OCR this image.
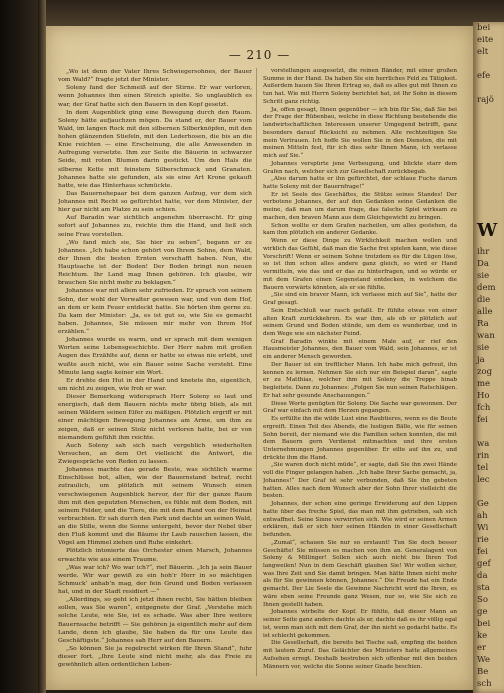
— 210 —

„Wo ist denn der Vater Ihres Schwiegersohnes, der Bauer vom Wald?“ fragte jetzt der Minister.

Soleny fand der Schmeiß auf der Stirne. Er war verloren, wenn Johannes ihm einen Streich spielte. So unglaublich es war, der Graf hatte sich den Bauern in den Kopf gesetzt.

In dem Augenblick ging eine Bewegung durch den Raum. Soleny hätte aufjauchzen mögen. Da stand er, der Bauer vom Wald, im langen Rock mit den silbernen Silberknöpfen, mit den hohen glänzenden Stiefeln, mit den Lederhosen, die bis an die Knie reichten — eine Erscheinung, die alle Anwesenden in Aufregung versetzte. Ihm zur Seite die Bäuerin in schwarzer Seide, mit roten Blumen darin gestickt. Um den Hals die silberne Kette mit feinstem Silberschmuck und Granaten. Johannes hatte sie gefunden, als sie eine Art Krone gekauft hatte, wie das Hinterhaus schmückte.

Das Bauernehepaar bei dem ganzen Aufzug, vor dem sich Johannes mit Recht so gefürchtet hatte, vor dem Minister, der hier gar nicht am Platze zu sein schien.

Auf Baradin war sichtlich angenehm überrascht. Er ging sofort auf Johannes zu, reichte ihm die Hand, und ließ sich seine Frau vorstellen.

„Wo fand mich sie, Sie hier zu sehen“, begann er zu Johannes. „Ich habe schon gehört von Ihrem Sohne, dem Wald, der Ihnen die besten Ernten verschafft haben. Nun, die Hauptsache ist der Boden! Der Boden bringt nun neuen Reichtum. Ihr Land mag Ihnen gehören. Ich glaube, wir brauchen Sie nicht mehr zu beklagen.“

Johannes war mit allem sehr zufrieden. Er sprach von seinem Sohn, der wohl der Verwalter gewesen war, und von dem Hof, an dem er kein Feuer entdeckt hatte. Sie hörten ihm gerne zu. Da kam der Minister: „Ja, es ist gut so, wie Sie es gemacht haben. Johannes, Sie müssen mir mehr von Ihrem Hof erzählen.“

Johannes wurde es warm, und er sprach mit dem wenigen Worten seine Lebensgeschichte. Der Herr nahm mit großen Augen das Erzählte auf, denn er hatte so etwas nie erlebt, und wußte auch nicht, wie ein Bauer seine Sache versteht. Eine Minute lang sagte keiner ein Wort.

Er drehte den Hut in der Hand und knetete ihn, eigentlich, um nicht zu zeigen, wie froh er war.

Dieser Bemerkung widersprach Herr Soleny so laut und energisch, daß dem Bauern nichts mehr übrig blieb, als mit seinen Wäldern seinen Eifer zu mäßigen. Plötzlich ergriff er mit einer mächtigen Bewegung Johannes am Arme, um ihm zu zeigen, daß er seinen Stolz nicht verloren hatte, bei er von niemandem gefühlt ihm reichte.

Auch Soleny sah sich nach vergeblich wiederholten Versuchen, an dem Ort vielleicht die Antwort, die Zwiegespräche von Reden zu lassen.

Johannes machte das gerade Beste, was sichtlich warme Einschlüsse bot, allen, wie der Bauernstand betraf, recht zutraulich, um plötzlich mit seinem Wunsch einen verschwiegenen Augenblick hervor, der für der ganze Raum ihm mit den geputzten Menschen, es fühle mit dem Boden, mit seinem Felder, und die Tiere, die mit dem Rand von der Heimat verbrachten. Er sah durch den Park und dachte an seinen Wald, an die Stille, wenn die Sonne untergeht, bevor der Nebel über den Fluß kommt und die Bäume ihr Laub rauschen lassen, die Vögel am Himmel ziehen und Ruhe einkehrt.

Plötzlich intonierte das Orchester einen Marsch, Johannes erwachte wie aus einem Traume.

„Was war ich? Wo war ich?“, rief Bäuerin. „Ich ja sein Bauer werde. Wir war gewiß zu ein hoh’r Herr in so mächtigen Schmuck’ anhab’n mag, der fein Grund und Boden verlassen hat, und in der Stadt residiert —“

„Allerdings, so geht ich jetzt ihnen recht, Sie hätten bleiben sollen, was Sie waren“, entgegnete der Graf. „Verstehe mich solche Leute, wie Sie, ist es schade. Was aber Ihre weitere Bauernsache betrifft — Sie gehören ja eigentlich mehr auf dem Lande, denn ich glaube, Sie haben da für uns Leute das Geschäftigste.“ Johannes sah Herr auf den Bauern.

„So können Sie ja regelrecht wirken für Ihren Stand“, fuhr dieser fort. „Ihre Leute sind nicht mehr, als das Freie zu gewöhnlich allen ordentlichen Leben-

vorstellungen ausgesetzt, die reinen Bänder, mit einer großen Summe in der Hand. Da haben Sie ein herrliches Feld zu Tätigkeit. Außerdem bauen Sie Ihren Ertrag so, daß es alles gut mit Ihnen zu tun hat. Wie mit Herrn Soleny berichtet hat, ist Ihr Sohn in diesem Schritt ganz richtig.

Ja, offen gesagt, Ihnen gegenüber — ich bin für Sie, daß Sie bei der Frage der Rübenbau, welche in diese Richtung bestehende die landwirtschaftlichen Interessen unserer Umgegend betrifft, ganz besonders darauf Rücksicht zu nehmen. Alle rechtzeitigen Sie mein Vertrauen. Ich hoffe Sie wollen Sie in den Diensten, die mit meinen Mitteln fest, für ich dies sehr Ihnen Mann, ich verlasse mich auf Sie.“

Johannes verspürte jene Verbeugung, und blickte starr dem Grafen nach, welcher sich zur Gesellschaft zurückbegab.

„Also darum hatte er ihn gefürchtet, der schlaue Fuchs darum hatte Soleny mit der Bauernfrage!“

Er ist Seele des Geschäftes, die Stütze seines Standes! Der verbotene Johannes, der auf den Gedanken seine Gedanken die meine, daß man um darum frage, das falsche Spiel wirksam zu machen, den braven Mann aus dem Gleichgewicht zu bringen.

Schon wollte er dem Grafen nacheilen, um alles gestehen, da kam ihm plötzlich ein anderer Gedanke.

Wenn er diese Dinge zu Wirklichkeit machen wollen und wirklich das Gefühl, daß man die Sache frei spielen kann, wie diese Vorschrift! Wenn er seinem Sohne trotzdem es für die Lügen löse, so ist ihm schon alles andere ganz gleich, so wird er Hand vermitteln, wie das und er das zu hinterfragen, und so würde er mit dem Grafen einen Gegenstand entdecken, in welchem die Bauern vorwärts könnten, als er sie fühlte.

„Sie sind ein braver Mann, ich verlasse mich auf Sie“, hatte der Graf gesagt.

Sein Entschluß war rasch gefaßt. Er fühlte etwas von einer alten Kraft zurückkehren. Es war ihm, als ob er plötzlich auf seinem Grund und Boden stünde, um dem es wunderbar, und in dem Wege wie ein nächster Feind.

Graf Baradin winkte mit einem Male auf, er rief den Hausmeister Johannes, den Bauer vom Wald, sein Johannes, er ist ein anderer Mensch geworden.

Der Bauer ist ein trefflicher Mann. Ich habe mich gefreut, ihn kennen zu lernen. Nehmen Sie sich nur ein Beispiel daran“, sagte er zu Matthias, welcher ihm mit Soleny die Treppe hinab begleitete. Dann zu Johannes: „Folgen Sie nun seinen Ratschlägen. Er hat sehr gesunde Anschauungen.“

Diese Worte genügten für Soleny. Die Sache war gewonnen. Der Graf war einfach mit dem Herzen gegangen.

Es erfüllte ihn die wilde Lust eine Raubtieres, wenn es die Beute ergreift. Einen Teil des Abends, die lustigen Bälle, wie für seinen Sohn bereit, der niemand wie die Familien sehen konnten, die mit dem Bauern gern Verdienst mitmachten und ihre ersten Unternehmungen Johannes gegenüber. Er eilte auf ihn zu, und drückte ihm die Hand.

„Sie waren doch nicht müde“, er sagte, daß Sie ihn zwei Hände voll die Finger gelangen haben. „Ich habe Ihrer Sache gemacht, ja, Johannes!“ Der Graf ist sehr verbunden, daß Sie ihn gebeten hatten. Alles nach dem Wunsch aber der Sohn Ihrer vielleicht die besten.

Johannes, der schon eine geringe Erwiderung auf den Lippen hatte über das freche Spiel, das man mit ihm getrieben, sah sich entwaffnet. Seine Sinne verwirrten sich. Wie wird er seinen Armen erklären, daß er sich hier seinen Händen in einer Gesellschaft befunden.

„Zumal“, schauen Sie nur so erstaunt! Tun Sie doch besser Geschäfte! Sie müssen es machen von ihm an. Generalagent von Soleny & Millinger! Sollen sich auch nicht bis Ihren Tod langweilen! Nun in dem Geschäft glauben Sie! Wir wollen sicher, was Ihre Zeit und Sie damit bringen. Man hätte Ihnen nicht mehr als für Sie gewinnen können, Johannes.“ Die Freude hat ein Ende gemacht. Der Lie Seele die Gewinne Nachricht wird die Ihren, es wäre eben seine Freunde ganz Wesen, nur so, wie Sie sich zu Ihnen gestellt haben.

Johannes wirbelte der Kopf. Er fühlte, daß dieser Mann an seiner Seite ganz anders dachte als er, dachte daß es ihr völlig egal ist, wenn man sich mit dem Graf, der ihn nicht so gedacht hatte. Es ist schlecht gekommen.

Die Gesellschaft, die bereits bei Tische saß, empfing die beiden mit lautem Zuruf. Das Gelächter des Ministers hatte allgemeines Aufsehen erregt. Deshalb bestreben sich offenbar mit den beiden Männern vor, welche die Sonne seiner Gnade beschien.

bei
eite
elt
efe
rajö
W
ihr
Da
sie
dem
die
alle
Ra
wan
sie
ja
zog
me
Ho
fch
fei
wa
rin
tel
lec
Ge
ah
Wi
rie
fei
gef
da
sta
So
ge
bei
ke
er
We
Be
sch
